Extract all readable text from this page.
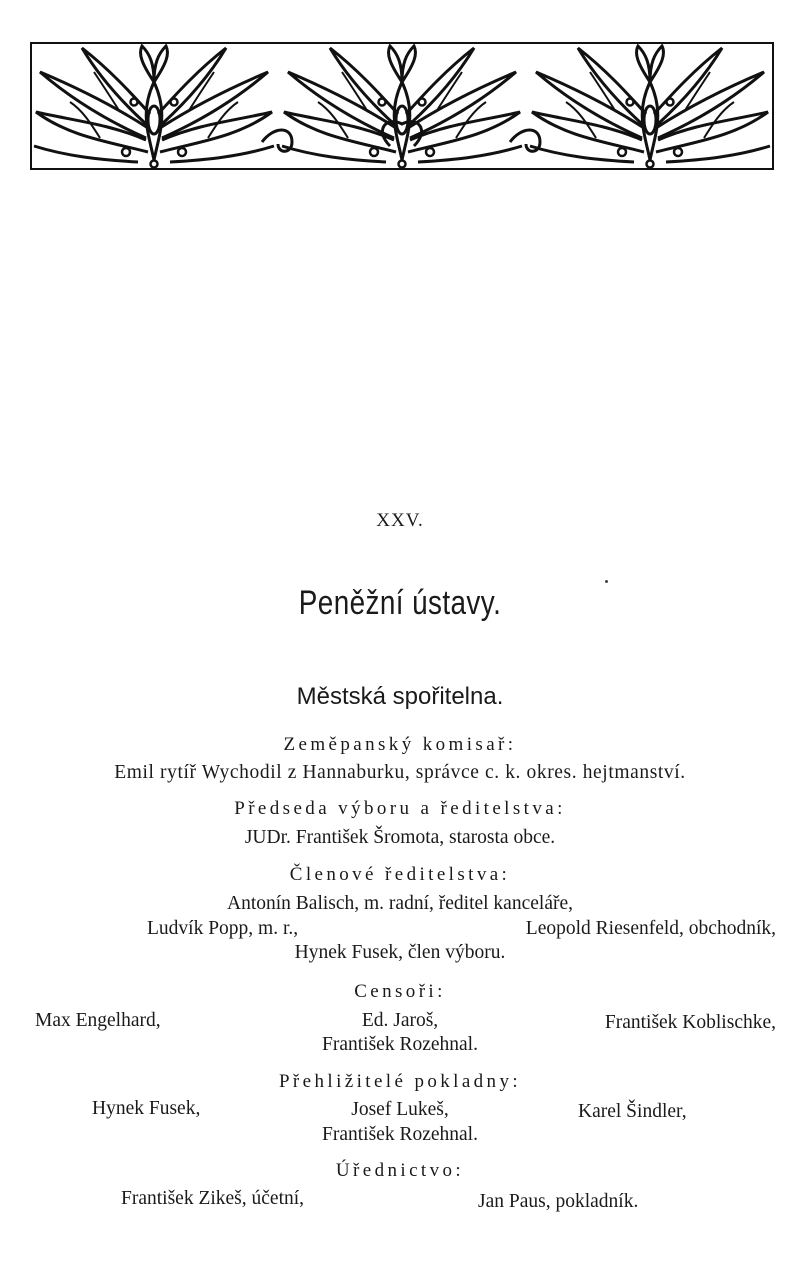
XXV.
Peněžní ústavy.
Městská spořitelna.
Zeměpanský komisař:
Emil rytíř Wychodil z Hannaburku, správce c. k. okres. hejtmanství.
Předseda výboru a ředitelstva:
JUDr. František Šromota, starosta obce.
Členové ředitelstva:
Antonín Balisch, m. radní, ředitel kanceláře,
Ludvík Popp, m. r.,	Leopold Riesenfeld, obchodník,
Hynek Fusek, člen výboru.
Censoři:
Max Engelhard,	Ed. Jaroš,	František Koblischke,
František Rozehnal.
Přehližitelé pokladny:
Hynek Fusek,	Josef Lukeš,	Karel Šindler,
František Rozehnal.
Úřednictvo:
František Zikeš, účetní,	Jan Paus, pokladník.
